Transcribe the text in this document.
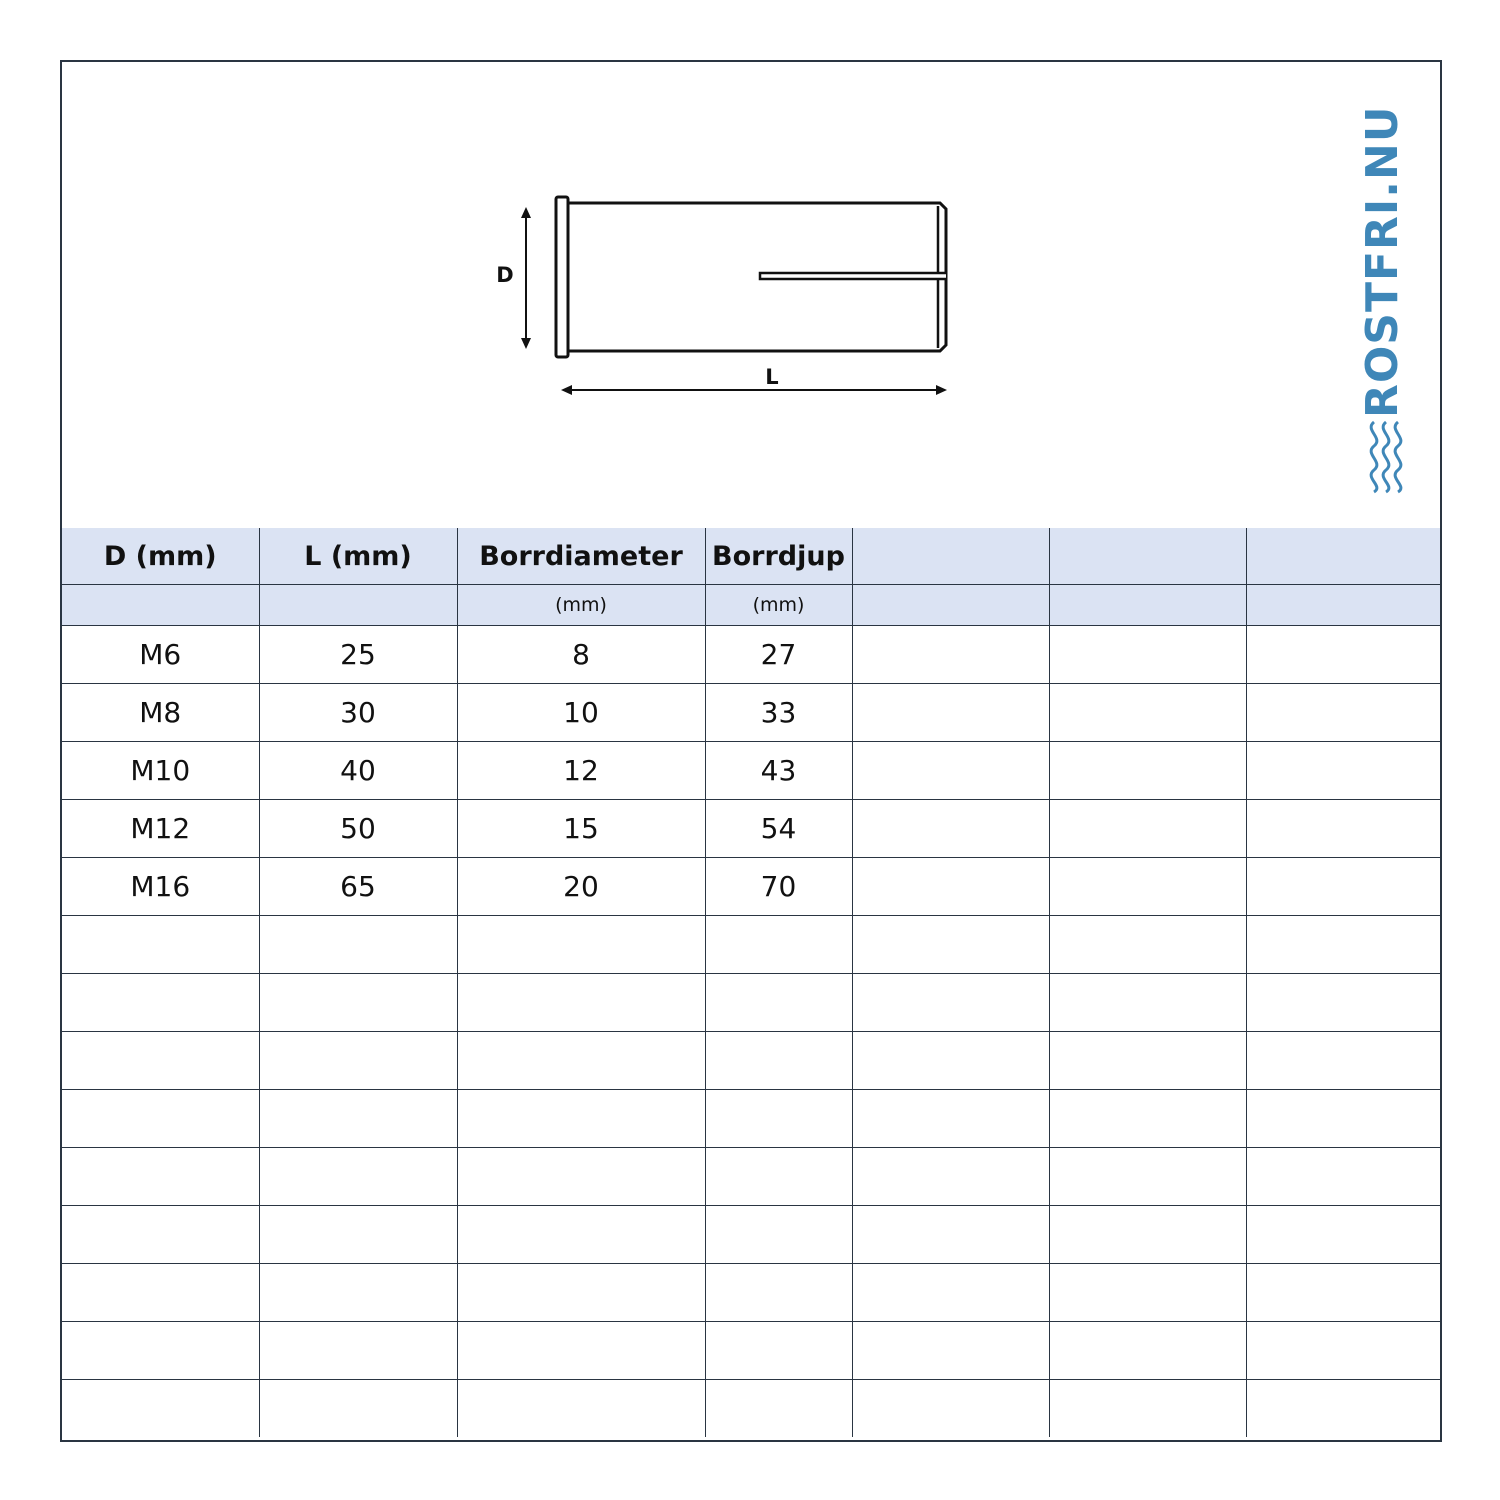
D
L	ROSTFRI.NU
D (mm)	L (mm)	Borrdiameter	Borrdjup			
		(mm)	(mm)			
M6	25	8	27			
M8	30	10	33			
M10	40	12	43			
M12	50	15	54			
M16	65	20	70			
